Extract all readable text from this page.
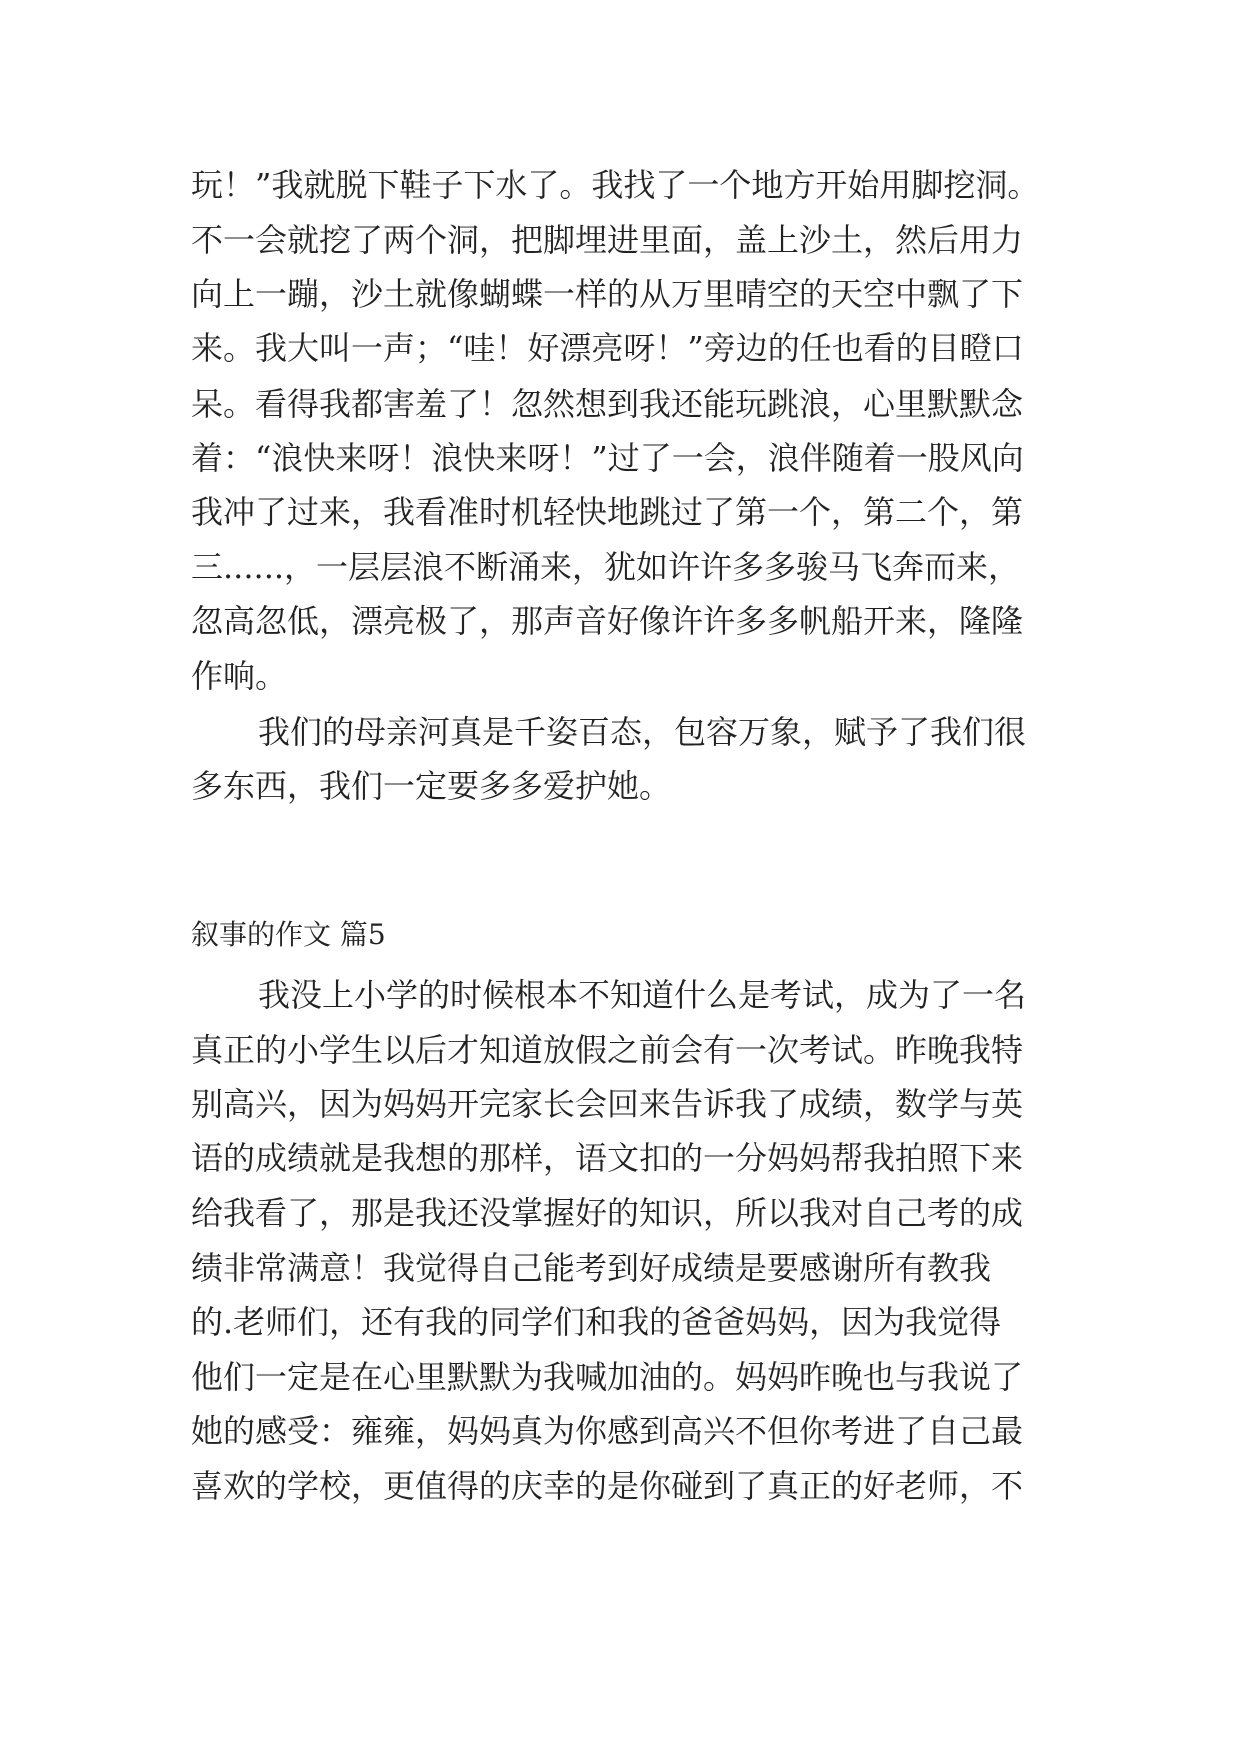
玩！”我就脱下鞋子下水了。我找了一个地方开始用脚挖洞。
不一会就挖了两个洞，把脚埋进里面，盖上沙土，然后用力
向上一蹦，沙土就像蝴蝶一样的从万里晴空的天空中飘了下
来。我大叫一声；“哇！好漂亮呀！”旁边的任也看的目瞪口
呆。看得我都害羞了！忽然想到我还能玩跳浪，心里默默念
着：“浪快来呀！浪快来呀！”过了一会，浪伴随着一股风向
我冲了过来，我看准时机轻快地跳过了第一个，第二个，第
三......，一层层浪不断涌来，犹如许许多多骏马飞奔而来，
忽高忽低，漂亮极了，那声音好像许许多多帆船开来，隆隆
作响。
我们的母亲河真是千姿百态，包容万象，赋予了我们很
多东西，我们一定要多多爱护她。
叙事的作文 篇5
我没上小学的时候根本不知道什么是考试，成为了一名
真正的小学生以后才知道放假之前会有一次考试。昨晚我特
别高兴，因为妈妈开完家长会回来告诉我了成绩，数学与英
语的成绩就是我想的那样，语文扣的一分妈妈帮我拍照下来
给我看了，那是我还没掌握好的知识，所以我对自己考的成
绩非常满意！我觉得自己能考到好成绩是要感谢所有教我
的.老师们，还有我的同学们和我的爸爸妈妈，因为我觉得
他们一定是在心里默默为我喊加油的。妈妈昨晚也与我说了
她的感受：雍雍，妈妈真为你感到高兴不但你考进了自己最
喜欢的学校，更值得的庆幸的是你碰到了真正的好老师，不
